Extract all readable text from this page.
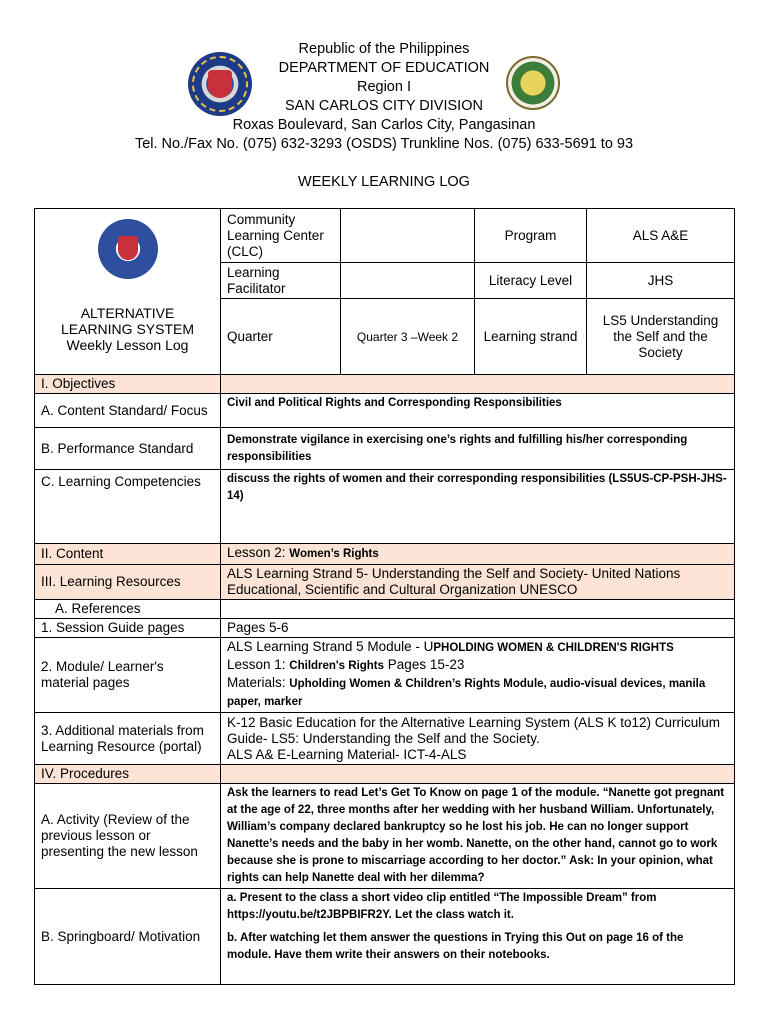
Republic of the Philippines
DEPARTMENT OF EDUCATION
Region I
SAN CARLOS CITY DIVISION
Roxas Boulevard, San Carlos City, Pangasinan
Tel. No./Fax No. (075) 632-3293 (OSDS) Trunkline Nos. (075) 633-5691 to 93
WEEKLY LEARNING LOG
ALTERNATIVE
LEARNING SYSTEM
Weekly Lesson Log	Community Learning Center (CLC)		Program	ALS A&E
	Learning Facilitator		Literacy Level	JHS
	Quarter	Quarter 3 –Week 2	Learning strand	LS5 Understanding the Self and the Society
I. Objectives				
A. Content Standard/ Focus	Civil and Political Rights and Corresponding Responsibilities			
B. Performance Standard	Demonstrate vigilance in exercising one’s rights and fulfilling his/her corresponding responsibilities			
C. Learning Competencies	discuss the rights of women and their corresponding responsibilities (LS5US-CP-PSH-JHS-14)			
II. Content	Lesson 2: Women’s Rights			
III. Learning Resources	ALS Learning Strand 5- Understanding the Self and Society- United Nations Educational, Scientific and Cultural Organization UNESCO			
A. References				
1. Session Guide pages	Pages 5-6			
2. Module/ Learner's material pages	ALS Learning Strand 5 Module - UPHOLDING WOMEN & CHILDREN'S RIGHTS
Lesson 1: Children's Rights Pages 15-23
Materials: Upholding Women & Children’s Rights Module, audio-visual devices, manila paper, marker			
3. Additional materials from Learning Resource (portal)	K-12 Basic Education for the Alternative Learning System (ALS K to12) Curriculum Guide- LS5: Understanding the Self and the Society.
ALS A& E-Learning Material- ICT-4-ALS			
IV. Procedures				
A. Activity (Review of the previous lesson or presenting the new lesson	Ask the learners to read Let’s Get To Know on page 1 of the module. “Nanette got pregnant at the age of 22, three months after her wedding with her husband William. Unfortunately, William’s company declared bankruptcy so he lost his job. He can no longer support Nanette’s needs and the baby in her womb. Nanette, on the other hand, cannot go to work because she is prone to miscarriage according to her doctor.” Ask: In your opinion, what rights can help Nanette deal with her dilemma?			
B. Springboard/ Motivation	a. Present to the class a short video clip entitled “The Impossible Dream” from https://youtu.be/t2JBPBIFR2Y. Let the class watch it.

b. After watching let them answer the questions in Trying this Out on page 16 of the module. Have them write their answers on their notebooks.			
